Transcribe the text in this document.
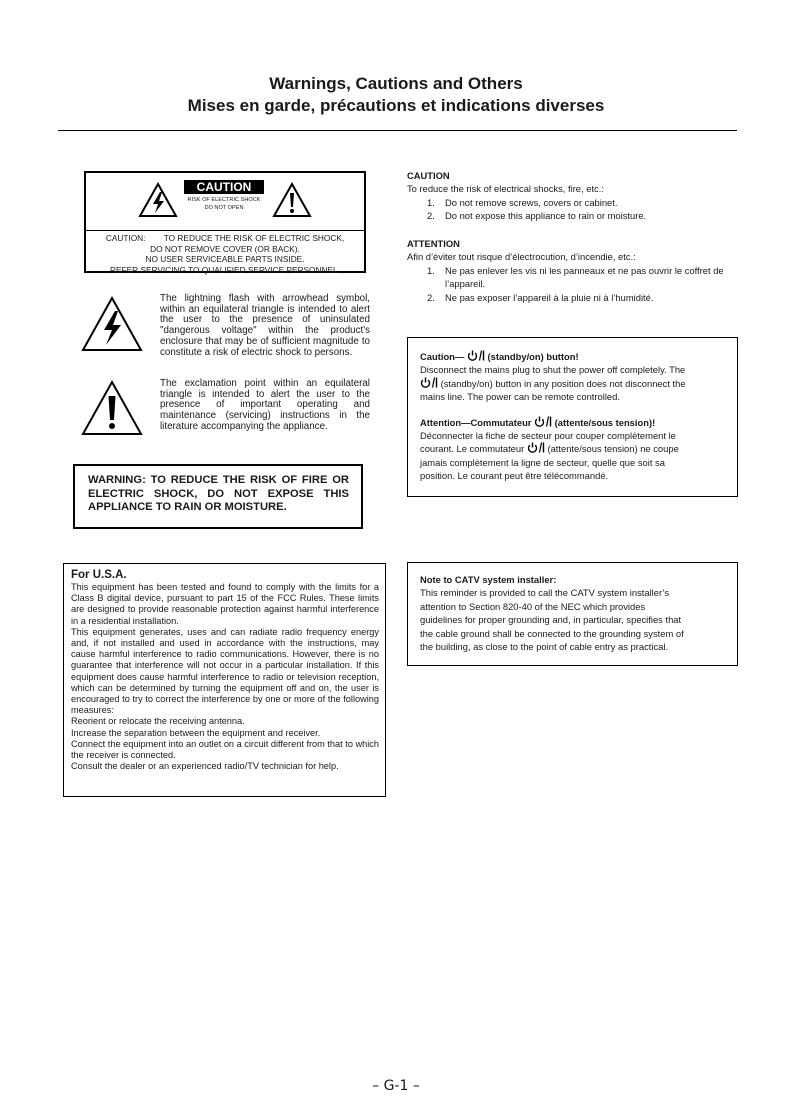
Warnings, Cautions and Others
Mises en garde, précautions et indications diverses
CAUTION
RISK OF ELECTRIC SHOCK
DO NOT OPEN
CAUTION:        TO REDUCE THE RISK OF ELECTRIC SHOCK,
DO NOT REMOVE COVER (OR BACK).
NO USER SERVICEABLE PARTS INSIDE.
REFER SERVICING TO QUALIFIED SERVICE PERSONNEL.
The lightning flash with arrowhead symbol, within an equilateral triangle is intended to alert the user to the presence of uninsulated "dangerous voltage" within the product's enclosure that may be of sufficient magnitude to constitute a risk of electric shock to persons.
The exclamation point within an equilateral triangle is intended to alert the user to the presence of important operating and maintenance (servicing) instructions in the literature accompanying the appliance.
WARNING: TO REDUCE THE RISK OF FIRE OR ELECTRIC SHOCK, DO NOT EXPOSE THIS APPLIANCE TO RAIN OR MOISTURE.
For U.S.A.
This equipment has been tested and found to comply with the limits for a Class B digital device, pursuant to part 15 of the FCC Rules. These limits are designed to provide reasonable protection against harmful interference in a residential installation.
This equipment generates, uses and can radiate radio frequency energy and, if not installed and used in accordance with the instructions, may cause harmful interference to radio communications. However, there is no guarantee that interference will not occur in a particular installation. If this equipment does cause harmful interference to radio or television reception, which can be determined by turning the equipment off and on, the user is encouraged to try to correct the interference by one or more of the following measures:
Reorient or relocate the receiving antenna.
Increase the separation between the equipment and receiver.
Connect the equipment into an outlet on a circuit different from that to which the receiver is connected.
Consult the dealer or an experienced radio/TV technician for help.
CAUTION
To reduce the risk of electrical shocks, fire, etc.:
1. Do not remove screws, covers or cabinet.
2. Do not expose this appliance to rain or moisture.
ATTENTION
Afin d’éviter tout risque d’électrocution, d’incendie, etc.:
1. Ne pas enlever les vis ni les panneaux et ne pas ouvrir le coffret de l’appareil.
2. Ne pas exposer l’appareil à la pluie ni à l’humidité.
Caution— (standby/on) button!
Disconnect the mains plug to shut the power off completely. The
(standby/on) button in any position does not disconnect the
mains line. The power can be remote controlled.
Attention—Commutateur (attente/sous tension)!
Déconnecter la fiche de secteur pour couper complètement le
courant. Le commutateur (attente/sous tension) ne coupe
jamais complètement la ligne de secteur, quelle que soit sa
position. Le courant peut être télécommandé.
Note to CATV system installer:
This reminder is provided to call the CATV system installer’s
attention to Section 820-40 of the NEC which provides
guidelines for proper grounding and, in particular, specifies that
the cable ground shall be connected to the grounding system of
the building, as close to the point of cable entry as practical.
– G-1 –
